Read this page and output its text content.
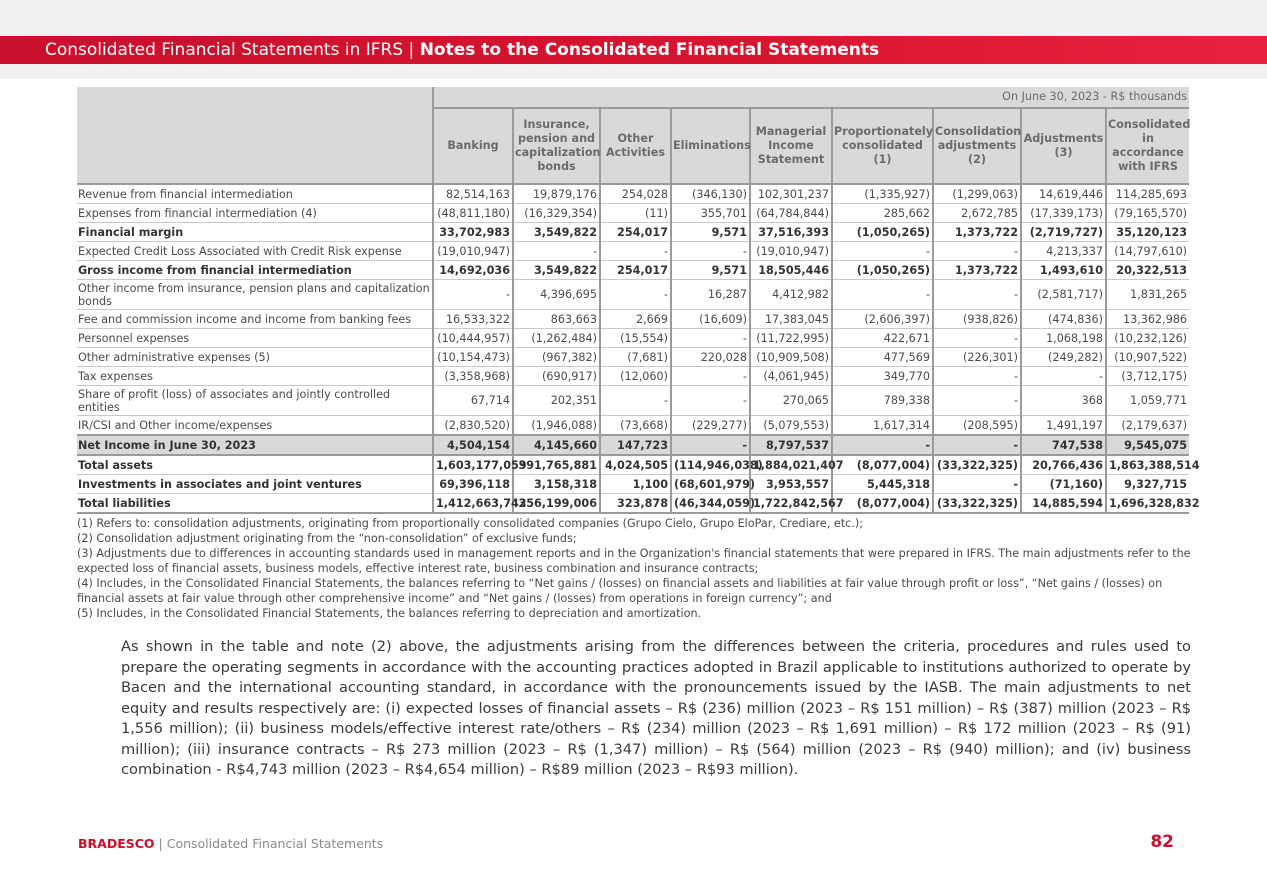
Consolidated Financial Statements in IFRS | Notes to the Consolidated Financial Statements
	On June 30, 2023 - R$ thousands								
	Banking	Insurance, pension and capitalization bonds	Other Activities	Eliminations	Managerial Income Statement	Proportionately consolidated (1)	Consolidation adjustments (2)	Adjustments (3)	Consolidated in accordance with IFRS
Revenue from financial intermediation	82,514,163	19,879,176	254,028	(346,130)	102,301,237	(1,335,927)	(1,299,063)	14,619,446	114,285,693
Expenses from financial intermediation (4)	(48,811,180)	(16,329,354)	(11)	355,701	(64,784,844)	285,662	2,672,785	(17,339,173)	(79,165,570)
Financial margin	33,702,983	3,549,822	254,017	9,571	37,516,393	(1,050,265)	1,373,722	(2,719,727)	35,120,123
Expected Credit Loss Associated with Credit Risk expense	(19,010,947)	-	-	-	(19,010,947)	-	-	4,213,337	(14,797,610)
Gross income from financial intermediation	14,692,036	3,549,822	254,017	9,571	18,505,446	(1,050,265)	1,373,722	1,493,610	20,322,513
Other income from insurance, pension plans and capitalization bonds	-	4,396,695	-	16,287	4,412,982	-	-	(2,581,717)	1,831,265
Fee and commission income and income from banking fees	16,533,322	863,663	2,669	(16,609)	17,383,045	(2,606,397)	(938,826)	(474,836)	13,362,986
Personnel expenses	(10,444,957)	(1,262,484)	(15,554)	-	(11,722,995)	422,671	-	1,068,198	(10,232,126)
Other administrative expenses (5)	(10,154,473)	(967,382)	(7,681)	220,028	(10,909,508)	477,569	(226,301)	(249,282)	(10,907,522)
Tax expenses	(3,358,968)	(690,917)	(12,060)	-	(4,061,945)	349,770	-	-	(3,712,175)
Share of profit (loss) of associates and jointly controlled entities	67,714	202,351	-	-	270,065	789,338	-	368	1,059,771
IR/CSI and Other income/expenses	(2,830,520)	(1,946,088)	(73,668)	(229,277)	(5,079,553)	1,617,314	(208,595)	1,491,197	(2,179,637)
Net Income in June 30, 2023	4,504,154	4,145,660	147,723	-	8,797,537	-	-	747,538	9,545,075
Total assets	1,603,177,059	391,765,881	4,024,505	(114,946,038)	1,884,021,407	(8,077,004)	(33,322,325)	20,766,436	1,863,388,514
Investments in associates and joint ventures	69,396,118	3,158,318	1,100	(68,601,979)	3,953,557	5,445,318	-	(71,160)	9,327,715
Total liabilities	1,412,663,742	356,199,006	323,878	(46,344,059)	1,722,842,567	(8,077,004)	(33,322,325)	14,885,594	1,696,328,832

(1) Refers to: consolidation adjustments, originating from proportionally consolidated companies (Grupo Cielo, Grupo EloPar, Crediare, etc.);

(2) Consolidation adjustment originating from the “non-consolidation” of exclusive funds;

(3) Adjustments due to differences in accounting standards used in management reports and in the Organization's financial statements that were prepared in IFRS. The main adjustments refer to the expected loss of financial assets, business models, effective interest rate, business combination and insurance contracts;

(4) Includes, in the Consolidated Financial Statements, the balances referring to “Net gains / (losses) on financial assets and liabilities at fair value through profit or loss”, “Net gains / (losses) on financial assets at fair value through other comprehensive income” and “Net gains / (losses) from operations in foreign currency”; and

(5) Includes, in the Consolidated Financial Statements, the balances referring to depreciation and amortization.

As shown in the table and note (2) above, the adjustments arising from the differences between the criteria, procedures and rules used to prepare the operating segments in accordance with the accounting practices adopted in Brazil applicable to institutions authorized to operate by Bacen and the international accounting standard, in accordance with the pronouncements issued by the IASB. The main adjustments to net equity and results respectively are: (i) expected losses of financial assets – R$ (236) million (2023 – R$ 151 million) – R$ (387) million (2023 – R$ 1,556 million); (ii) business models/effective interest rate/others – R$ (234) million (2023 – R$ 1,691 million) – R$ 172 million (2023 – R$ (91) million); (iii) insurance contracts – R$ 273 million (2023 – R$ (1,347) million) – R$ (564) million (2023 – R$ (940) million); and (iv) business combination - R$4,743 million (2023 – R$4,654 million) – R$89 million (2023 – R$93 million).

BRADESCO | Consolidated Financial Statements	82
